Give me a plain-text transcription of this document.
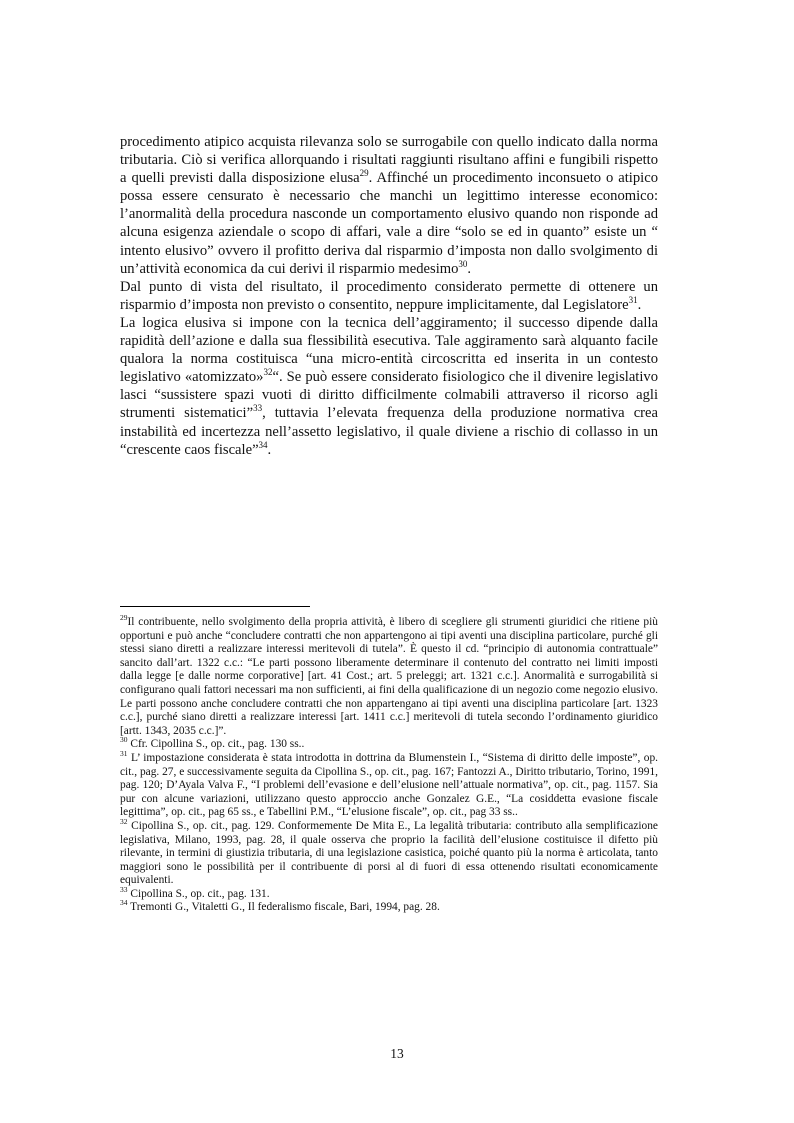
procedimento atipico acquista rilevanza solo se surrogabile con quello indicato dalla norma tributaria. Ciò si verifica allorquando i risultati raggiunti risultano affini e fungibili rispetto a quelli previsti dalla disposizione elusa$^{29}$. Affinché un procedimento inconsueto o atipico possa essere censurato è necessario che manchi un legittimo interesse economico: l’anormalità della procedura nasconde un comportamento elusivo quando non risponde ad alcuna esigenza aziendale o scopo di affari, vale a dire “solo se ed in quanto” esiste un “ intento elusivo” ovvero il profitto deriva dal risparmio d’imposta non dallo svolgimento di un’attività economica da cui derivi il risparmio medesimo$^{30}$.

Dal punto di vista del risultato, il procedimento considerato permette di ottenere un risparmio d’imposta non previsto o consentito, neppure implicitamente, dal Legislatore$^{31}$.

La logica elusiva si impone con la tecnica dell’aggiramento; il successo dipende dalla rapidità dell’azione e dalla sua flessibilità esecutiva. Tale aggiramento sarà alquanto facile qualora la norma costituisca “una micro-entità circoscritta ed inserita in un contesto legislativo «atomizzato»$^{32}$“. Se può essere considerato fisiologico che il divenire legislativo lasci “sussistere spazi vuoti di diritto difficilmente colmabili attraverso il ricorso agli strumenti sistematici”$^{33}$, tuttavia l’elevata frequenza della produzione normativa crea instabilità ed incertezza nell’assetto legislativo, il quale diviene a rischio di collasso in un “crescente caos fiscale”$^{34}$.

$^{29}$Il contribuente, nello svolgimento della propria attività, è libero di scegliere gli strumenti giuridici che ritiene più opportuni e può anche “concludere contratti che non appartengono ai tipi aventi una disciplina particolare, purché gli stessi siano diretti a realizzare interessi meritevoli di tutela”. È questo il cd. “principio di autonomia contrattuale” sancito dall’art. 1322 c.c.: “Le parti possono liberamente determinare il contenuto del contratto nei limiti imposti dalla legge [e dalle norme corporative] [art. 41 Cost.; art. 5 preleggi; art. 1321 c.c.]. Anormalità e surrogabilità si configurano quali fattori necessari ma non sufficienti, ai fini della qualificazione di un negozio come negozio elusivo. Le parti possono anche concludere contratti che non appartengano ai tipi aventi una disciplina particolare [art. 1323 c.c.], purché siano diretti a realizzare interessi [art. 1411 c.c.] meritevoli di tutela secondo l’ordinamento giuridico [artt. 1343, 2035 c.c.]”.

$^{30}$ Cfr. Cipollina S., op. cit., pag. 130 ss..

$^{31}$ L’ impostazione considerata è stata introdotta in dottrina da Blumenstein I., “Sistema di diritto delle imposte”, op. cit., pag. 27, e successivamente seguita da Cipollina S., op. cit., pag. 167; Fantozzi A., Diritto tributario, Torino, 1991, pag. 120; D’Ayala Valva F., “I problemi dell’evasione e dell’elusione nell’attuale normativa”, op. cit., pag. 1157. Sia pur con alcune variazioni, utilizzano questo approccio anche Gonzalez G.E., “La cosiddetta evasione fiscale legittima”, op. cit., pag 65 ss., e Tabellini P.M., “L’elusione fiscale”, op. cit., pag 33 ss..

$^{32}$ Cipollina S., op. cit., pag. 129. Conformemente De Mita E., La legalità tributaria: contributo alla semplificazione legislativa, Milano, 1993, pag. 28, il quale osserva che proprio la facilità dell’elusione costituisce il difetto più rilevante, in termini di giustizia tributaria, di una legislazione casistica, poiché quanto più la norma è articolata, tanto maggiori sono le possibilità per il contribuente di porsi al di fuori di essa ottenendo risultati economicamente equivalenti.

$^{33}$ Cipollina S., op. cit., pag. 131.

$^{34}$ Tremonti G., Vitaletti G., Il federalismo fiscale, Bari, 1994, pag. 28.

13
